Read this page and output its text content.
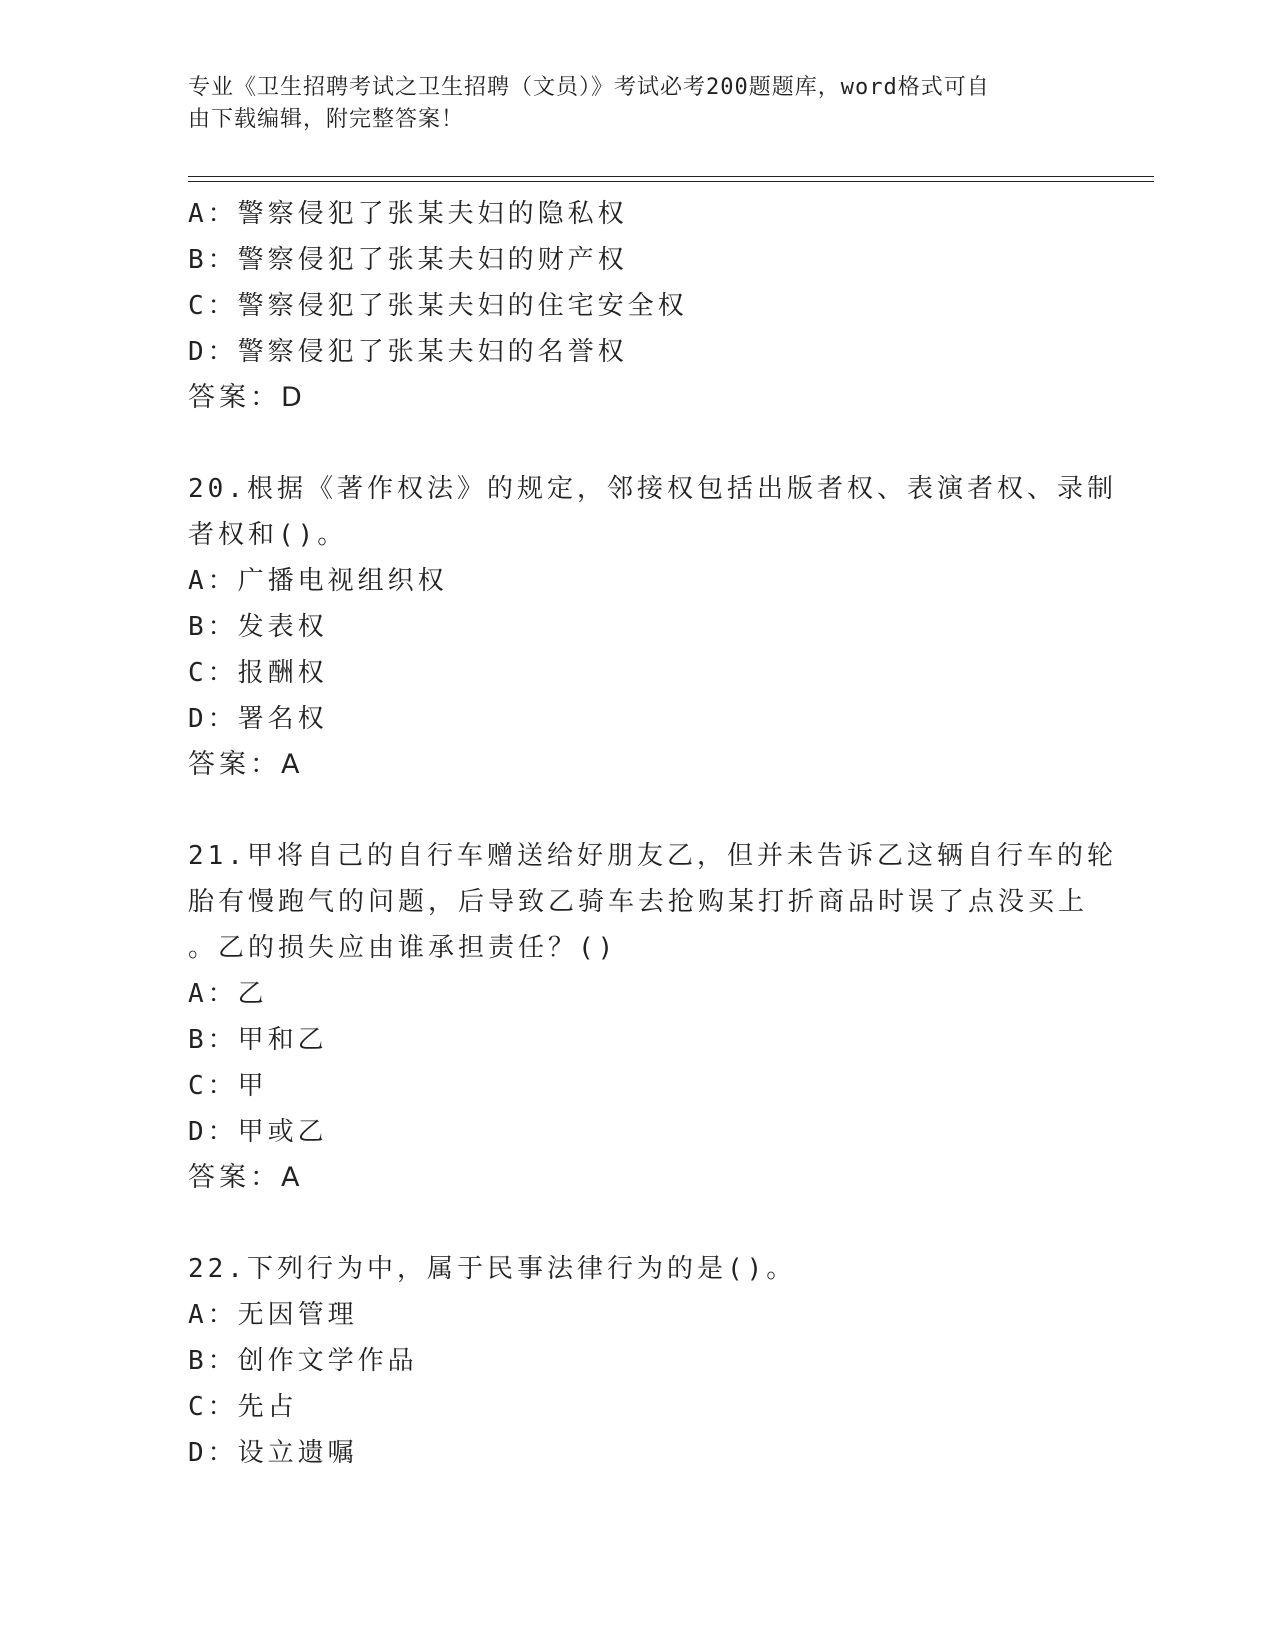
专业《卫生招聘考试之卫生招聘（文员）》考试必考200题题库，word格式可自
由下载编辑，附完整答案！
A：警察侵犯了张某夫妇的隐私权
B：警察侵犯了张某夫妇的财产权
C：警察侵犯了张某夫妇的住宅安全权
D：警察侵犯了张某夫妇的名誉权
答案：D
20.根据《著作权法》的规定，邻接权包括出版者权、表演者权、录制
者权和()。
A：广播电视组织权
B：发表权
C：报酬权
D：署名权
答案：A
21.甲将自己的自行车赠送给好朋友乙，但并未告诉乙这辆自行车的轮
胎有慢跑气的问题，后导致乙骑车去抢购某打折商品时误了点没买上
。乙的损失应由谁承担责任？()
A：乙
B：甲和乙
C：甲
D：甲或乙
答案：A
22.下列行为中，属于民事法律行为的是()。
A：无因管理
B：创作文学作品
C：先占
D：设立遗嘱
